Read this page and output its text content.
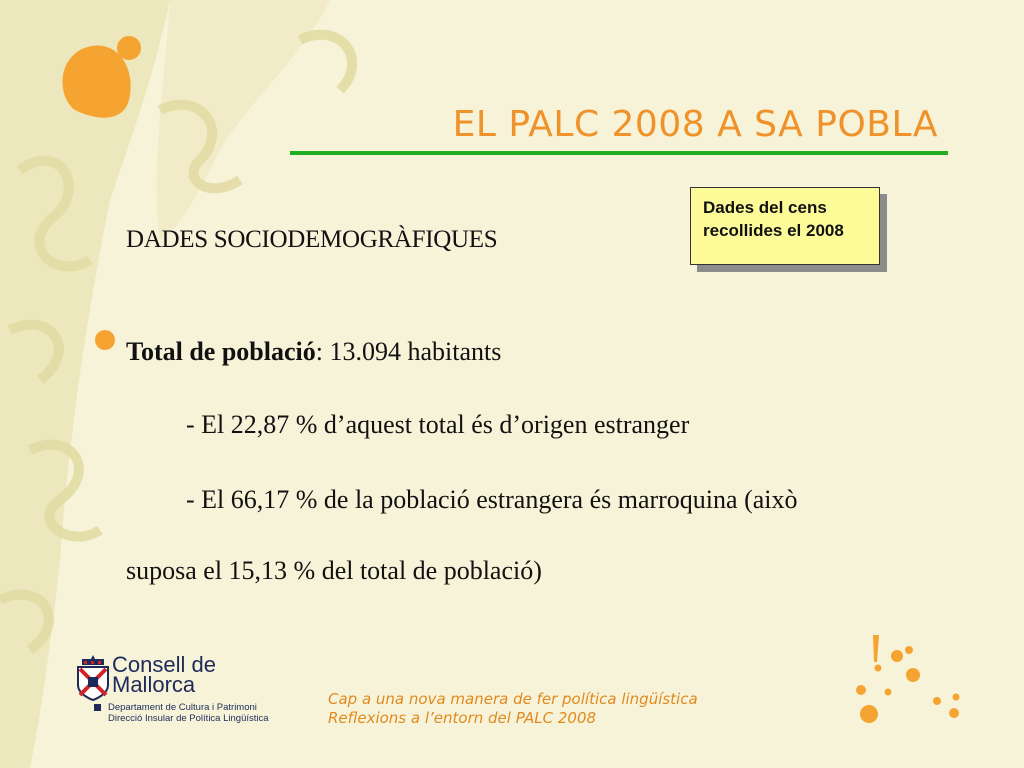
EL PALC 2008 A SA POBLA
Dades del cens recollides el 2008
DADES SOCIODEMOGRÀFIQUES
Total de població: 13.094 habitants
- El 22,87 % d’aquest total és d’origen estranger
- El 66,17 % de la població estrangera és marroquina (això
suposa el 15,13 % del total de població)
Consell de Mallorca
Departament de Cultura i Patrimoni
Direcció Insular de Política Lingüística
Cap a una nova manera de fer política lingüística
Reflexions a l’entorn del PALC 2008
